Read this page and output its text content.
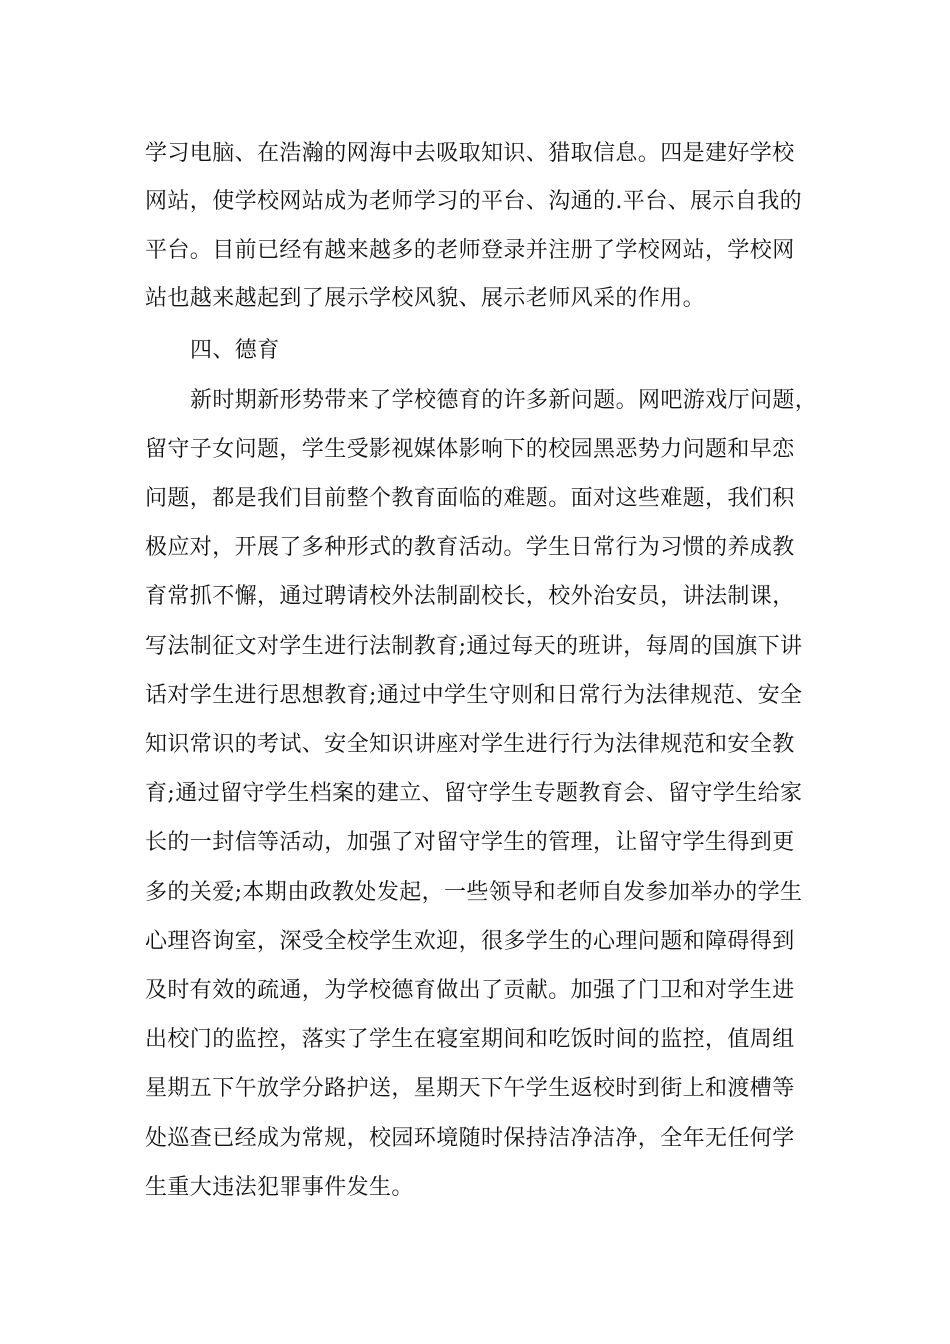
学习电脑、在浩瀚的网海中去吸取知识、猎取信息。四是建好学校
网站，使学校网站成为老师学习的平台、沟通的.平台、展示自我的
平台。目前已经有越来越多的老师登录并注册了学校网站，学校网
站也越来越起到了展示学校风貌、展示老师风采的作用。
四、德育
新时期新形势带来了学校德育的许多新问题。网吧游戏厅问题，
留守子女问题，学生受影视媒体影响下的校园黑恶势力问题和早恋
问题，都是我们目前整个教育面临的难题。面对这些难题，我们积
极应对，开展了多种形式的教育活动。学生日常行为习惯的养成教
育常抓不懈，通过聘请校外法制副校长，校外治安员，讲法制课，
写法制征文对学生进行法制教育;通过每天的班讲，每周的国旗下讲
话对学生进行思想教育;通过中学生守则和日常行为法律规范、安全
知识常识的考试、安全知识讲座对学生进行行为法律规范和安全教
育;通过留守学生档案的建立、留守学生专题教育会、留守学生给家
长的一封信等活动，加强了对留守学生的管理，让留守学生得到更
多的关爱;本期由政教处发起，一些领导和老师自发参加举办的学生
心理咨询室，深受全校学生欢迎，很多学生的心理问题和障碍得到
及时有效的疏通，为学校德育做出了贡献。加强了门卫和对学生进
出校门的监控，落实了学生在寝室期间和吃饭时间的监控，值周组
星期五下午放学分路护送，星期天下午学生返校时到街上和渡槽等
处巡查已经成为常规，校园环境随时保持洁净洁净，全年无任何学
生重大违法犯罪事件发生。
